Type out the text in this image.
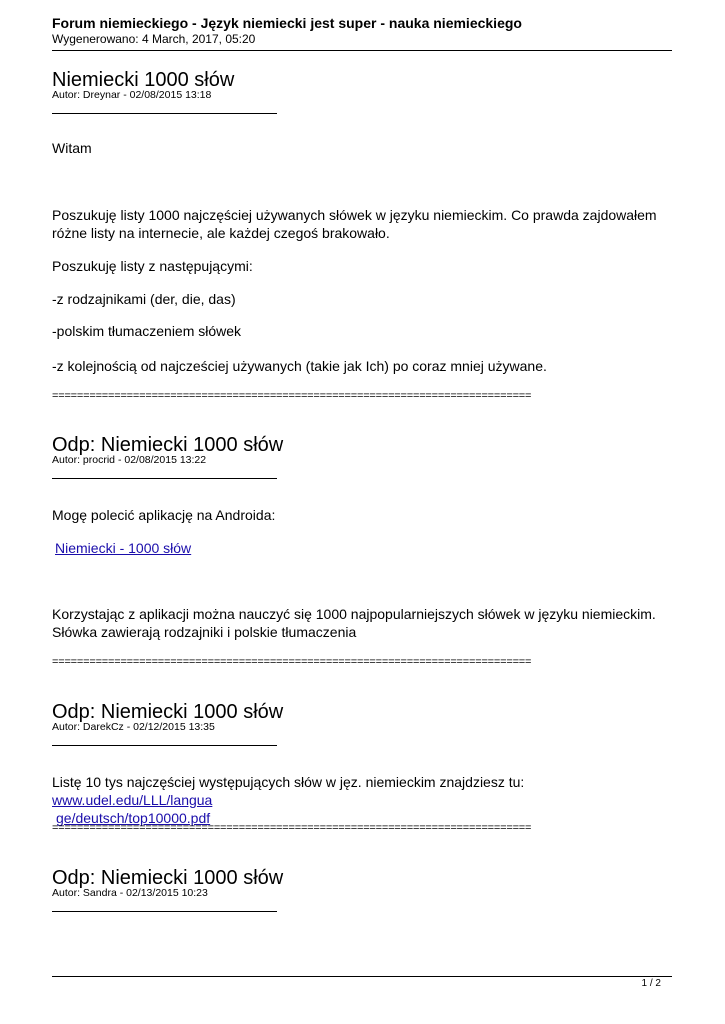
Forum niemieckiego - Język niemiecki jest super - nauka niemieckiego
Wygenerowano: 4 March, 2017, 05:20
Niemiecki 1000 słów
Autor: Dreynar - 02/08/2015 13:18
Witam
Poszukuję listy 1000 najczęściej używanych słówek w języku niemieckim. Co prawda zajdowałem różne listy na internecie, ale każdej czegoś brakowało.
Poszukuję listy z następującymi:
-z rodzajnikami (der, die, das)
-polskim tłumaczeniem słówek
-z kolejnością od najcześciej używanych (takie jak Ich) po coraz mniej używane.
=============================================================================
Odp: Niemiecki 1000 słów
Autor: procrid - 02/08/2015 13:22
Mogę polecić aplikację na Androida:
Niemiecki - 1000 słów
Korzystając z aplikacji można nauczyć się 1000 najpopularniejszych słówek w języku niemieckim. Słówka zawierają rodzajniki i polskie tłumaczenia
=============================================================================
Odp: Niemiecki 1000 słów
Autor: DarekCz - 02/12/2015 13:35
Listę 10 tys najczęściej występujących słów w jęz. niemieckim znajdziesz tu: www.udel.edu/LLL/langua
ge/deutsch/top10000.pdf
=============================================================================
Odp: Niemiecki 1000 słów
Autor: Sandra - 02/13/2015 10:23
1 / 2
